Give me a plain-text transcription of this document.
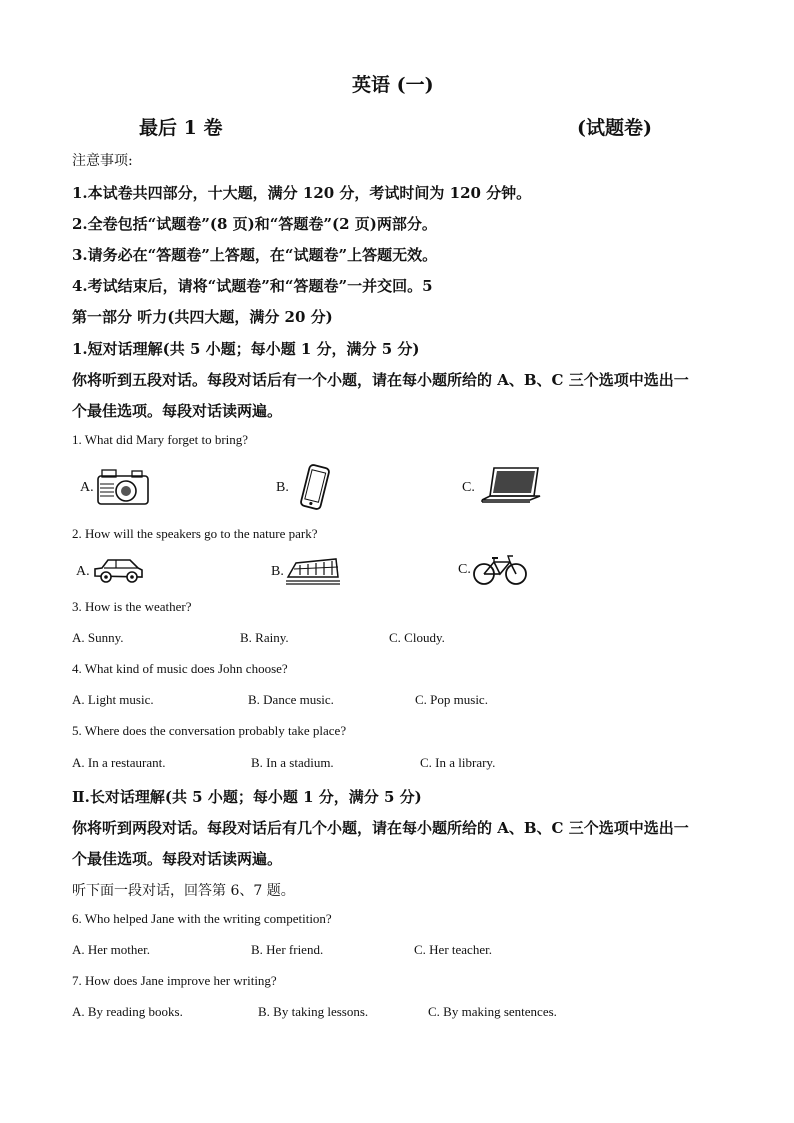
英语 (一)
最后 1 卷	(试题卷)
注意事项:
1.本试卷共四部分，十大题，满分 120 分，考试时间为 120 分钟。
2.全卷包括“试题卷”(8 页)和“答题卷”(2 页)两部分。
3.请务必在“答题卷”上答题，在“试题卷”上答题无效。
4.考试结束后，请将“试题卷”和“答题卷”一并交回。5
第一部分 听力(共四大题，满分 20 分)
1.短对话理解(共 5 小题；每小题 1 分，满分 5 分)
你将听到五段对话。每段对话后有一个小题，请在每小题所给的 A、B、C 三个选项中选出一
个最佳选项。每段对话读两遍。
1. What did Mary forget to bring?
A.	B.	C.
2. How will the speakers go to the nature park?
A.	B.	C.
3. How is the weather?
A. Sunny.	B. Rainy.	C. Cloudy.
4. What kind of music does John choose?
A. Light music.	B. Dance music.	C. Pop music.
5. Where does the conversation probably take place?
A. In a restaurant.	B. In a stadium.	C. In a library.
Ⅱ.长对话理解(共 5 小题；每小题 1 分，满分 5 分)
你将听到两段对话。每段对话后有几个小题，请在每小题所给的 A、B、C 三个选项中选出一
个最佳选项。每段对话读两遍。
听下面一段对话，回答第 6、7 题。
6. Who helped Jane with the writing competition?
A. Her mother.	B. Her friend.	C. Her teacher.
7. How does Jane improve her writing?
A. By reading books.	B. By taking lessons.	C. By making sentences.
